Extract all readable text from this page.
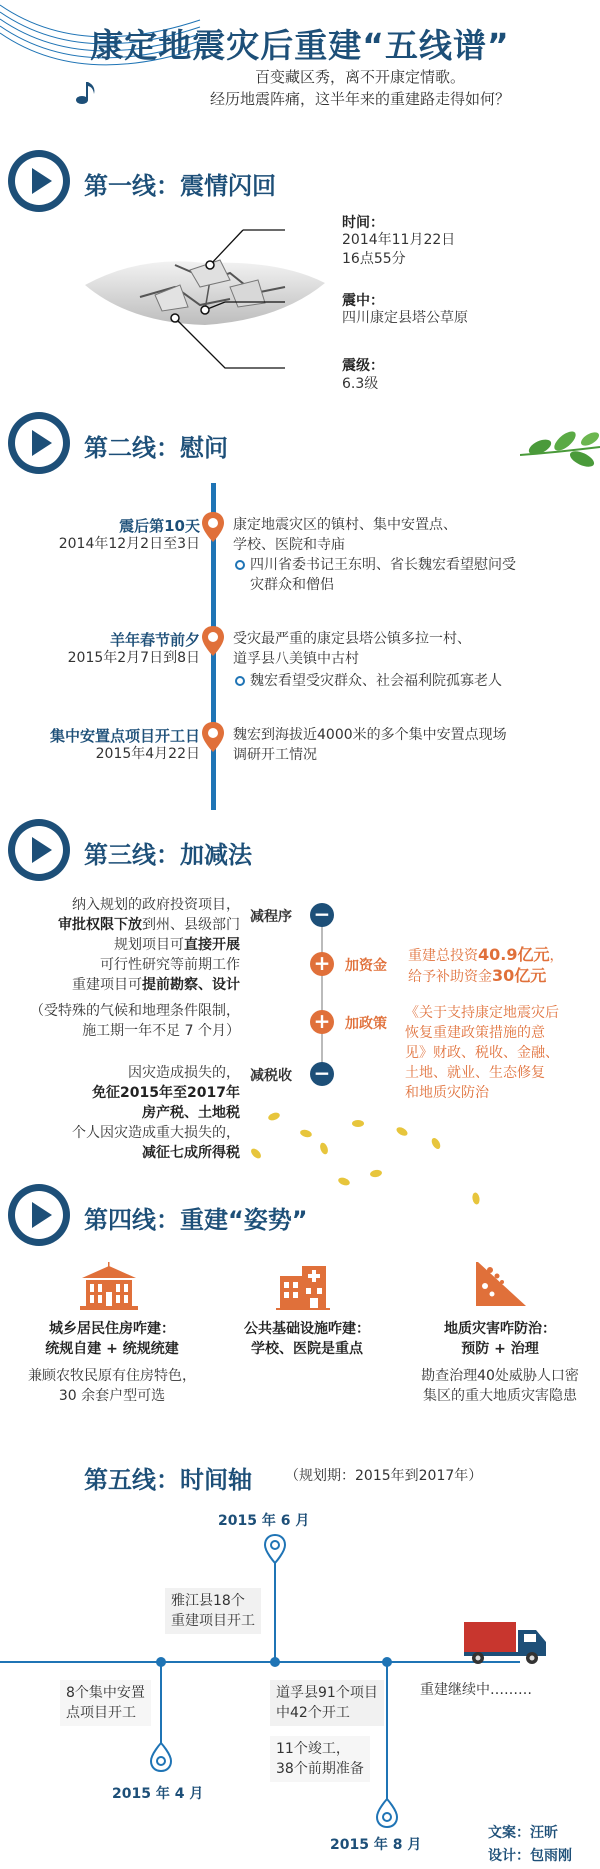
康定地震灾后重建“五线谱”
百变藏区秀，离不开康定情歌。
经历地震阵痛，这半年来的重建路走得如何？
第一线：震情闪回
时间：
2014年11月22日
16点55分
震中：
四川康定县塔公草原
震级：
6.3级
第二线：慰问
震后第10天
2014年12月2日至3日
康定地震灾区的镇村、集中安置点、
学校、医院和寺庙
四川省委书记王东明、省长魏宏看望慰问受
灾群众和僧侣
羊年春节前夕
2015年2月7日到8日
受灾最严重的康定县塔公镇多拉一村、
道孚县八美镇中古村
魏宏看望受灾群众、社会福利院孤寡老人
集中安置点项目开工日
2015年4月22日
魏宏到海拔近4000米的多个集中安置点现场
调研开工情况
第三线：加减法
纳入规划的政府投资项目，
审批权限下放到州、县级部门
规划项目可直接开展
可行性研究等前期工作
重建项目可提前勘察、设计
（受特殊的气候和地理条件限制，
施工期一年不足 7 个月）
减程序 −
+ 加资金
重建总投资40.9亿元，
给予补助资金30亿元
+ 加政策
《关于支持康定地震灾后
恢复重建政策措施的意
见》财政、税收、金融、
土地、就业、生态修复
和地质灾防治
−
减税收
因灾造成损失的，
免征2015年至2017年
房产税、土地税
个人因灾造成重大损失的，
减征七成所得税
第四线：重建“姿势”
城乡居民住房咋建：
统规自建 + 统规统建
兼顾农牧民原有住房特色，
30 余套户型可选
公共基础设施咋建：
学校、医院是重点
地质灾害咋防治：
预防 + 治理
勘查治理40处威胁人口密
集区的重大地质灾害隐患
第五线：时间轴 （规划期：2015年到2017年）
2015 年 6 月
雅江县18个
重建项目开工
8个集中安置
点项目开工
2015 年 4 月
道孚县91个项目
中42个开工
11个竣工，
38个前期准备
2015 年 8 月
重建继续中………
文案：汪昕
设计：包雨刚
